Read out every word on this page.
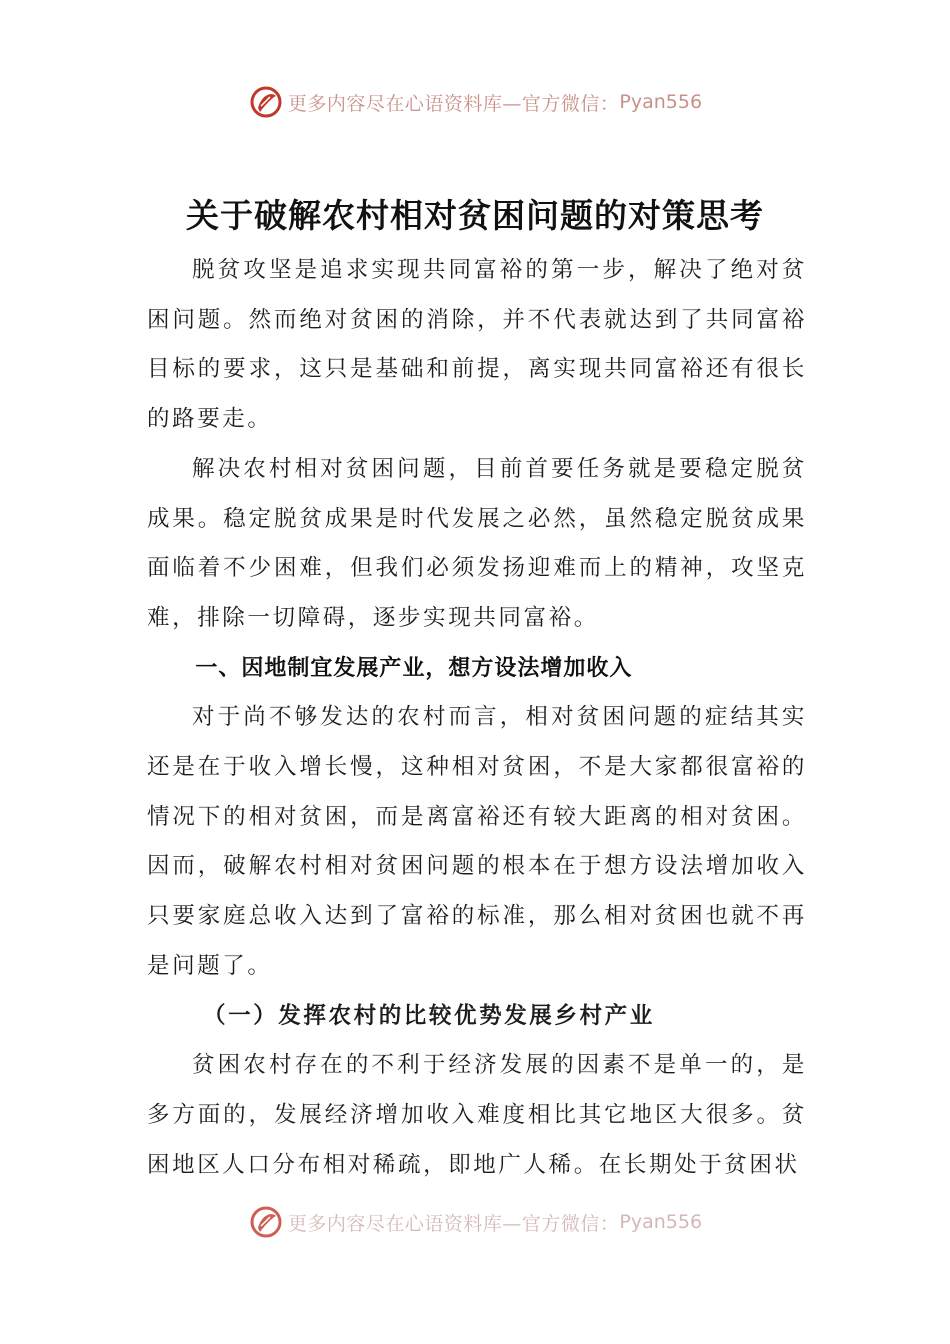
更多内容尽在心语资料库—官方微信： Pyan556
关于破解农村相对贫困问题的对策思考

脱贫攻坚是追求实现共同富裕的第一步，解决了绝对贫困问题。然而绝对贫困的消除，并不代表就达到了共同富裕目标的要求，这只是基础和前提，离实现共同富裕还有很长的路要走。

解决农村相对贫困问题，目前首要任务就是要稳定脱贫成果。稳定脱贫成果是时代发展之必然，虽然稳定脱贫成果面临着不少困难，但我们必须发扬迎难而上的精神，攻坚克难，排除一切障碍，逐步实现共同富裕。

一、因地制宜发展产业，想方设法增加收入

对于尚不够发达的农村而言，相对贫困问题的症结其实还是在于收入增长慢，这种相对贫困，不是大家都很富裕的情况下的相对贫困，而是离富裕还有较大距离的相对贫困。因而，破解农村相对贫困问题的根本在于想方设法增加收入只要家庭总收入达到了富裕的标准，那么相对贫困也就不再是问题了。

（一）发挥农村的比较优势发展乡村产业

贫困农村存在的不利于经济发展的因素不是单一的，是多方面的，发展经济增加收入难度相比其它地区大很多。贫困地区人口分布相对稀疏，即地广人稀。在长期处于贫困状

更多内容尽在心语资料库—官方微信： Pyan556
